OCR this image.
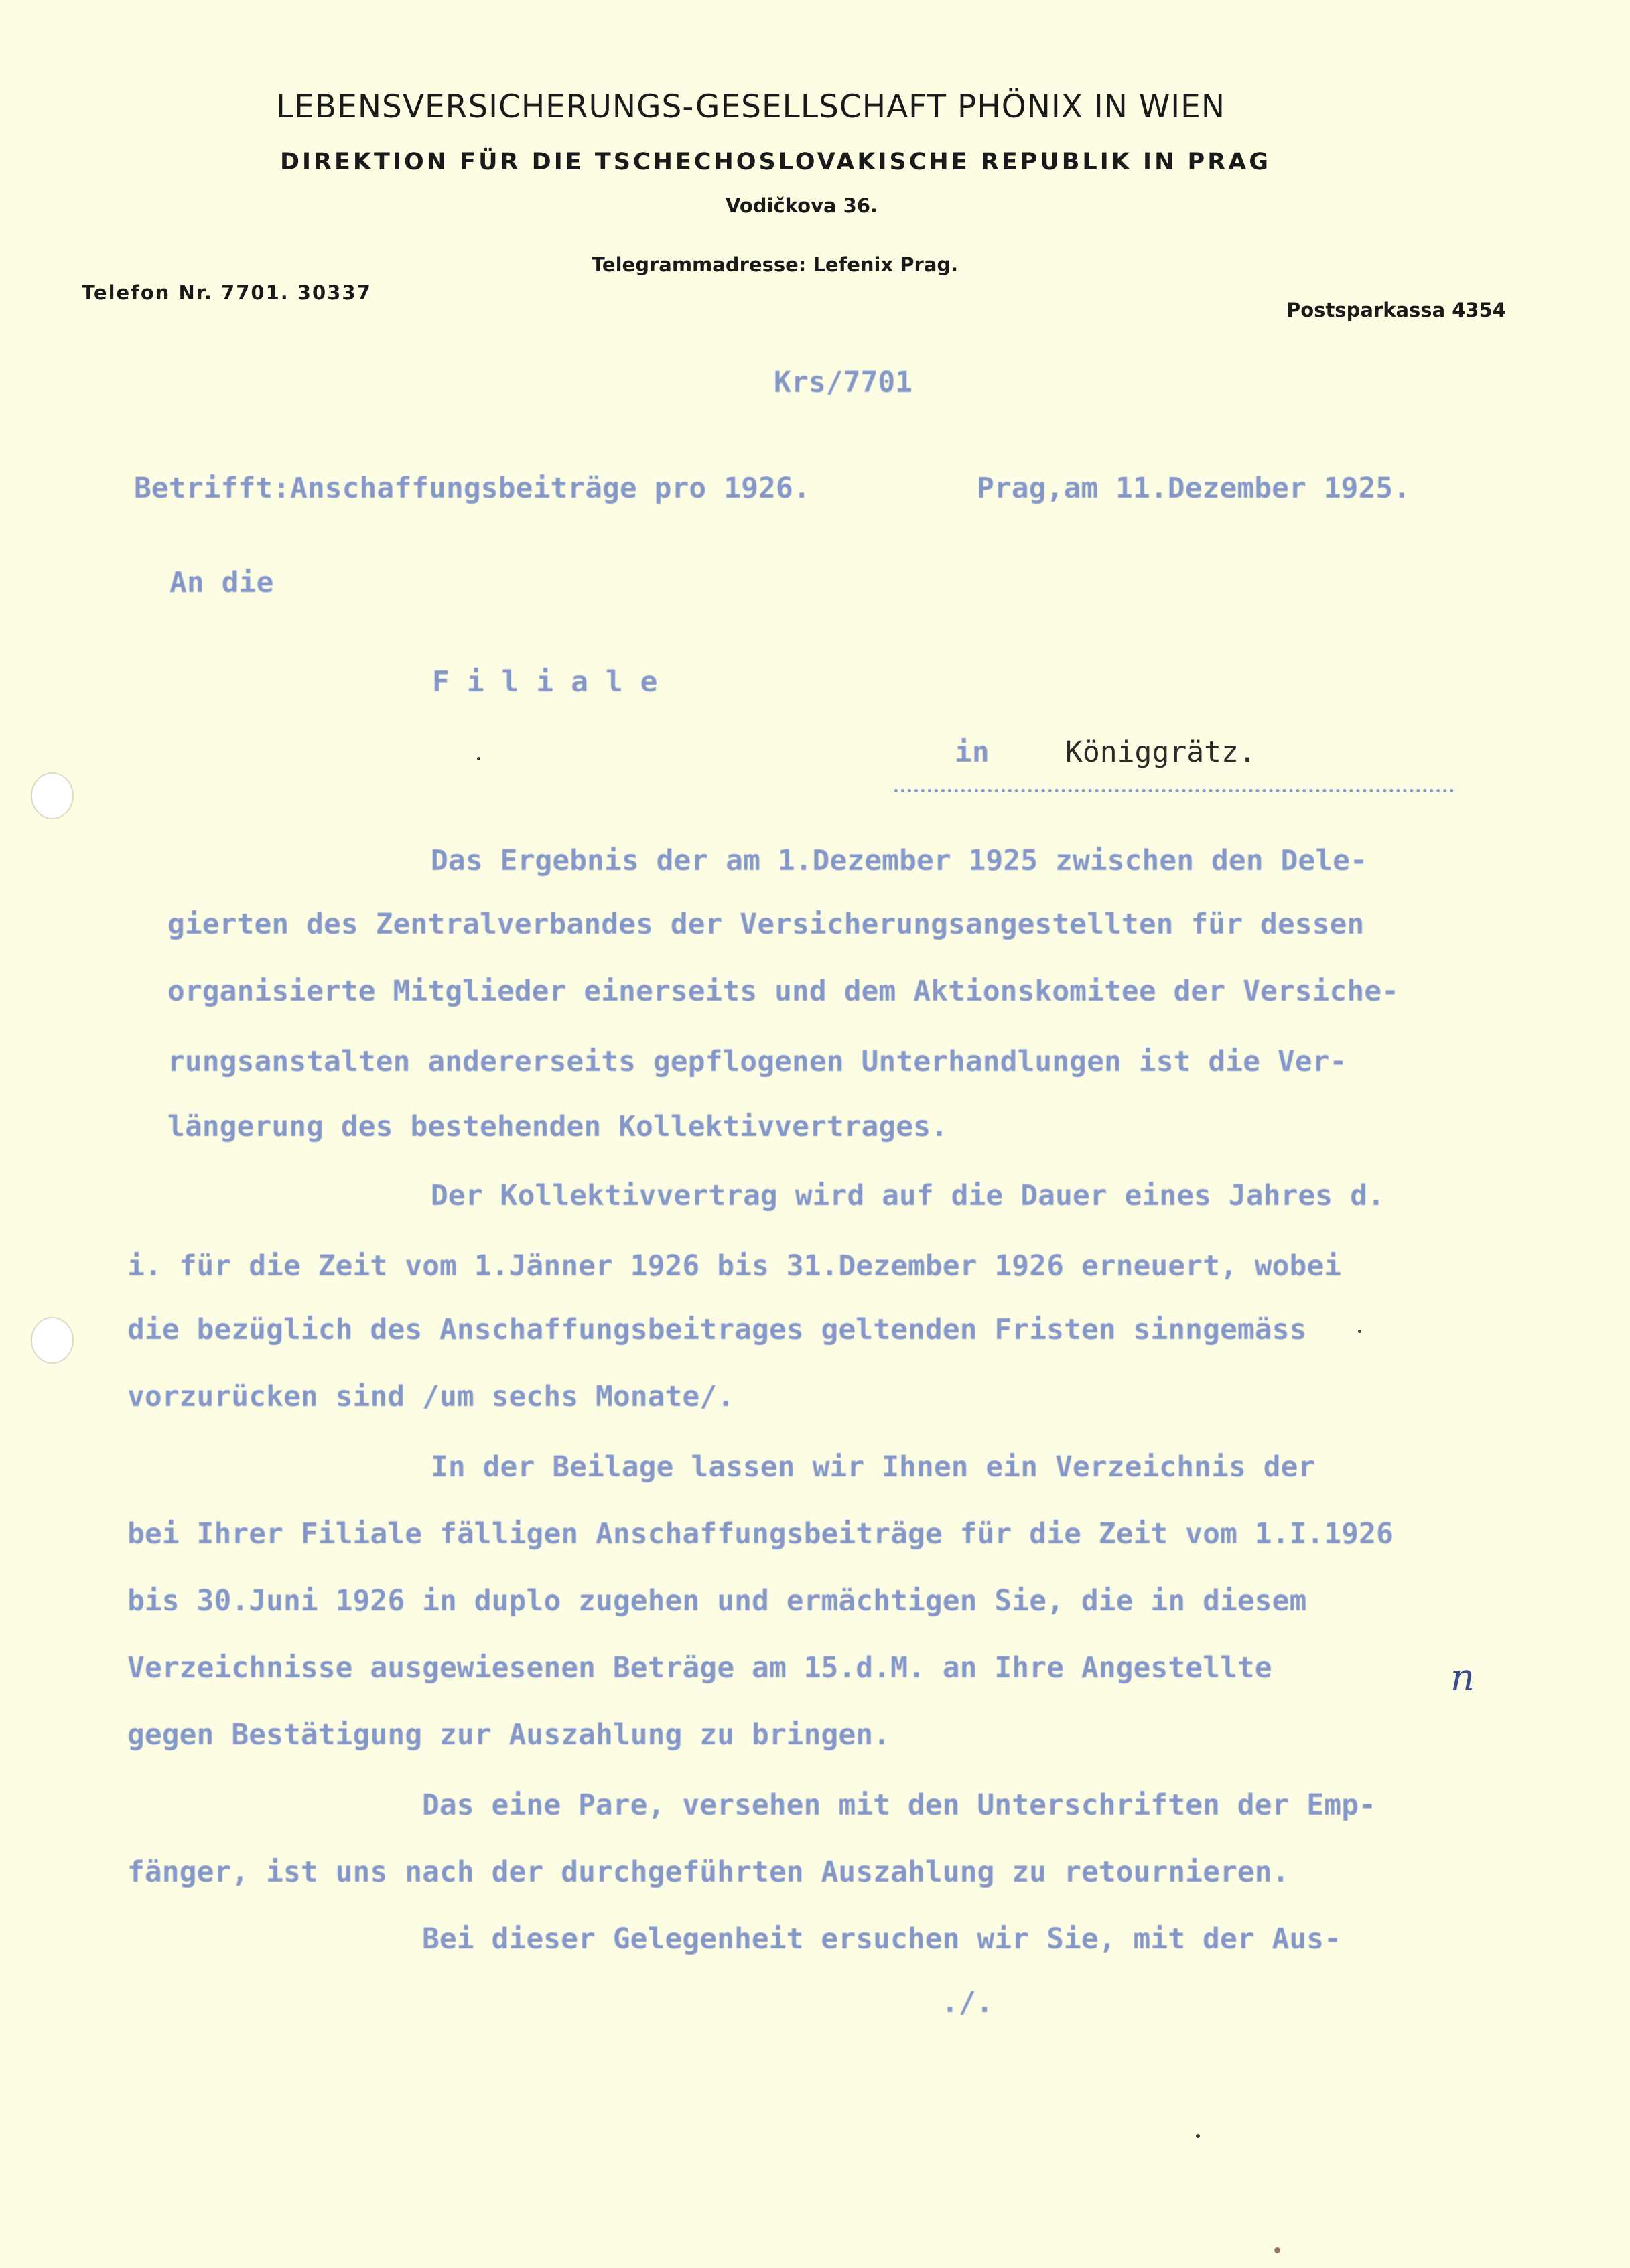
LEBENSVERSICHERUNGS-GESELLSCHAFT PHÖNIX IN WIEN
DIREKTION FÜR DIE TSCHECHOSLOVAKISCHE REPUBLIK IN PRAG
Vodičkova 36.
Telegrammadresse: Lefenix Prag.
Telefon Nr. 7701. 30337
Postsparkassa 4354
Krs/7701
Betrifft:Anschaffungsbeiträge pro 1926.	Prag,am 11.Dezember 1925.
An die
F i l i a l e
in	Königgrätz.
Das Ergebnis der am 1.Dezember 1925 zwischen den Dele-
gierten des Zentralverbandes der Versicherungsangestellten für dessen
organisierte Mitglieder einerseits und dem Aktionskomitee der Versiche-
rungsanstalten andererseits gepflogenen Unterhandlungen ist die Ver-
längerung des bestehenden Kollektivvertrages.
Der Kollektivvertrag wird auf die Dauer eines Jahres d.
i. für die Zeit vom 1.Jänner 1926 bis 31.Dezember 1926 erneuert, wobei
die bezüglich des Anschaffungsbeitrages geltenden Fristen sinngemäss
vorzurücken sind /um sechs Monate/.
In der Beilage lassen wir Ihnen ein Verzeichnis der
bei Ihrer Filiale fälligen Anschaffungsbeiträge für die Zeit vom 1.I.1926
bis 30.Juni 1926 in duplo zugehen und ermächtigen Sie, die in diesem
Verzeichnisse ausgewiesenen Beträge am 15.d.M. an Ihre Angestellte	n
gegen Bestätigung zur Auszahlung zu bringen.
Das eine Pare, versehen mit den Unterschriften der Emp-
fänger, ist uns nach der durchgeführten Auszahlung zu retournieren.
Bei dieser Gelegenheit ersuchen wir Sie, mit der Aus-
./.
